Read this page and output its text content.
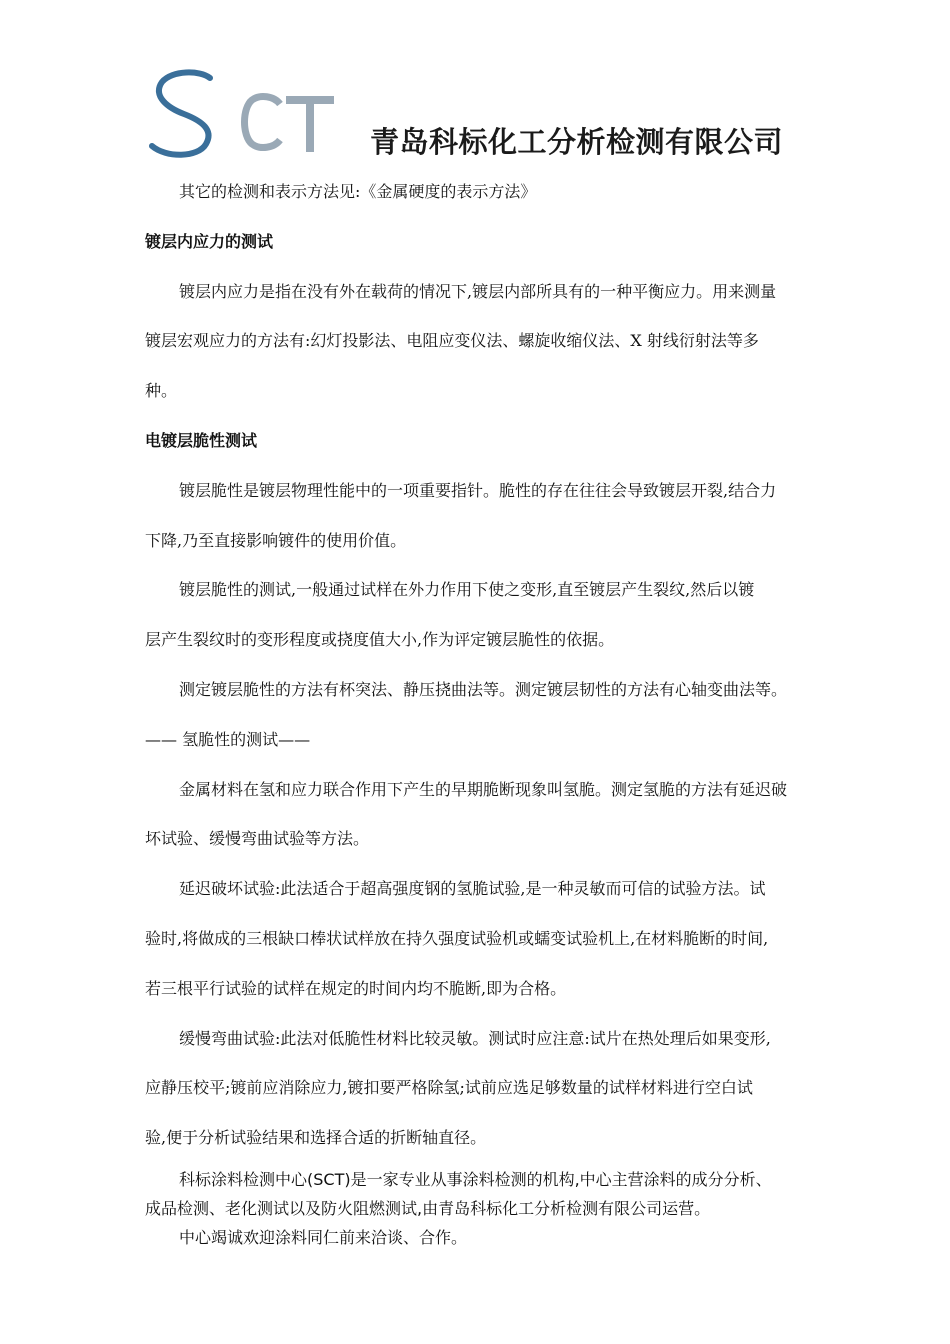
青岛科标化工分析检测有限公司
其它的检测和表示方法见:《金属硬度的表示方法》
镀层内应力的测试
镀层内应力是指在没有外在载荷的情况下,镀层内部所具有的一种平衡应力。用来测量
镀层宏观应力的方法有:幻灯投影法、电阻应变仪法、螺旋收缩仪法、X 射线衍射法等多
种。
电镀层脆性测试
镀层脆性是镀层物理性能中的一项重要指针。脆性的存在往往会导致镀层开裂,结合力
下降,乃至直接影响镀件的使用价值。
镀层脆性的测试,一般通过试样在外力作用下使之变形,直至镀层产生裂纹,然后以镀
层产生裂纹时的变形程度或挠度值大小,作为评定镀层脆性的依据。
测定镀层脆性的方法有杯突法、静压挠曲法等。测定镀层韧性的方法有心轴变曲法等。
—— 氢脆性的测试——
金属材料在氢和应力联合作用下产生的早期脆断现象叫氢脆。测定氢脆的方法有延迟破
坏试验、缓慢弯曲试验等方法。
延迟破坏试验:此法适合于超高强度钢的氢脆试验,是一种灵敏而可信的试验方法。试
验时,将做成的三根缺口棒状试样放在持久强度试验机或蠕变试验机上,在材料脆断的时间,
若三根平行试验的试样在规定的时间内均不脆断,即为合格。
缓慢弯曲试验:此法对低脆性材料比较灵敏。测试时应注意:试片在热处理后如果变形,
应静压校平;镀前应消除应力,镀扣要严格除氢;试前应选足够数量的试样材料进行空白试
验,便于分析试验结果和选择合适的折断轴直径。
科标涂料检测中心(SCT)是一家专业从事涂料检测的机构,中心主营涂料的成分分析、
成品检测、老化测试以及防火阻燃测试,由青岛科标化工分析检测有限公司运营。
中心竭诚欢迎涂料同仁前来洽谈、合作。
